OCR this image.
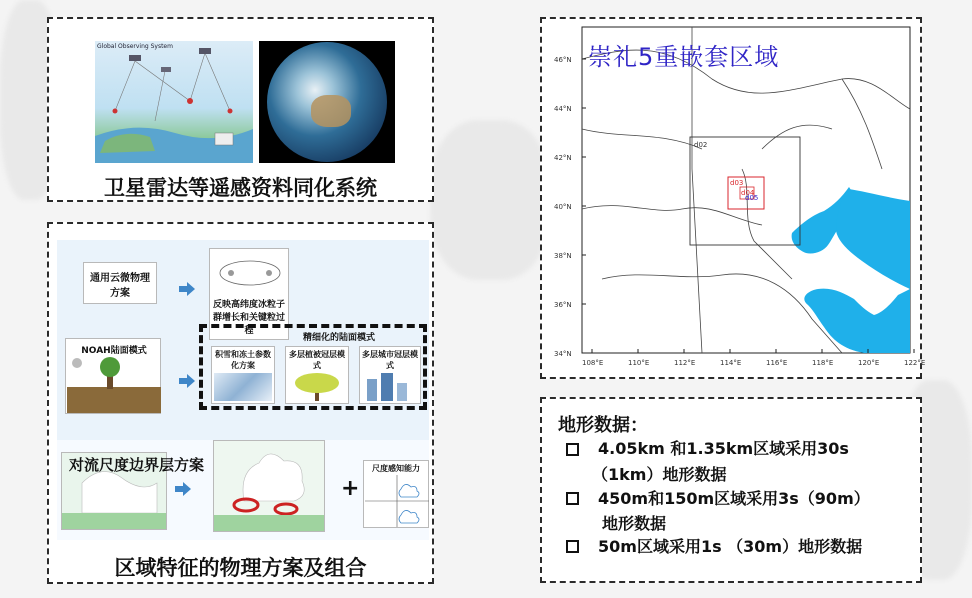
Global Observing System
卫星雷达等遥感资料同化系统
通用云微物理方案
反映高纬度冰粒子群增长和关键粒过程
NOAH陆面模式
精细化的陆面模式
积雪和冻土参数化方案
多层植被冠层模式
多层城市冠层模式
对流尺度边界层方案
+
尺度感知能力
区域特征的物理方案及组合
d02
d03
d04
d05
46°N
44°N
42°N
40°N
38°N
36°N
34°N
108°E	110°E	112°E	114°E	116°E	118°E	120°E	122°E
崇礼5重嵌套区域
地形数据：
4.05km 和1.35km区域采用30s
（1km）地形数据
450m和150m区域采用3s（90m）
地形数据
50m区域采用1s （30m）地形数据
